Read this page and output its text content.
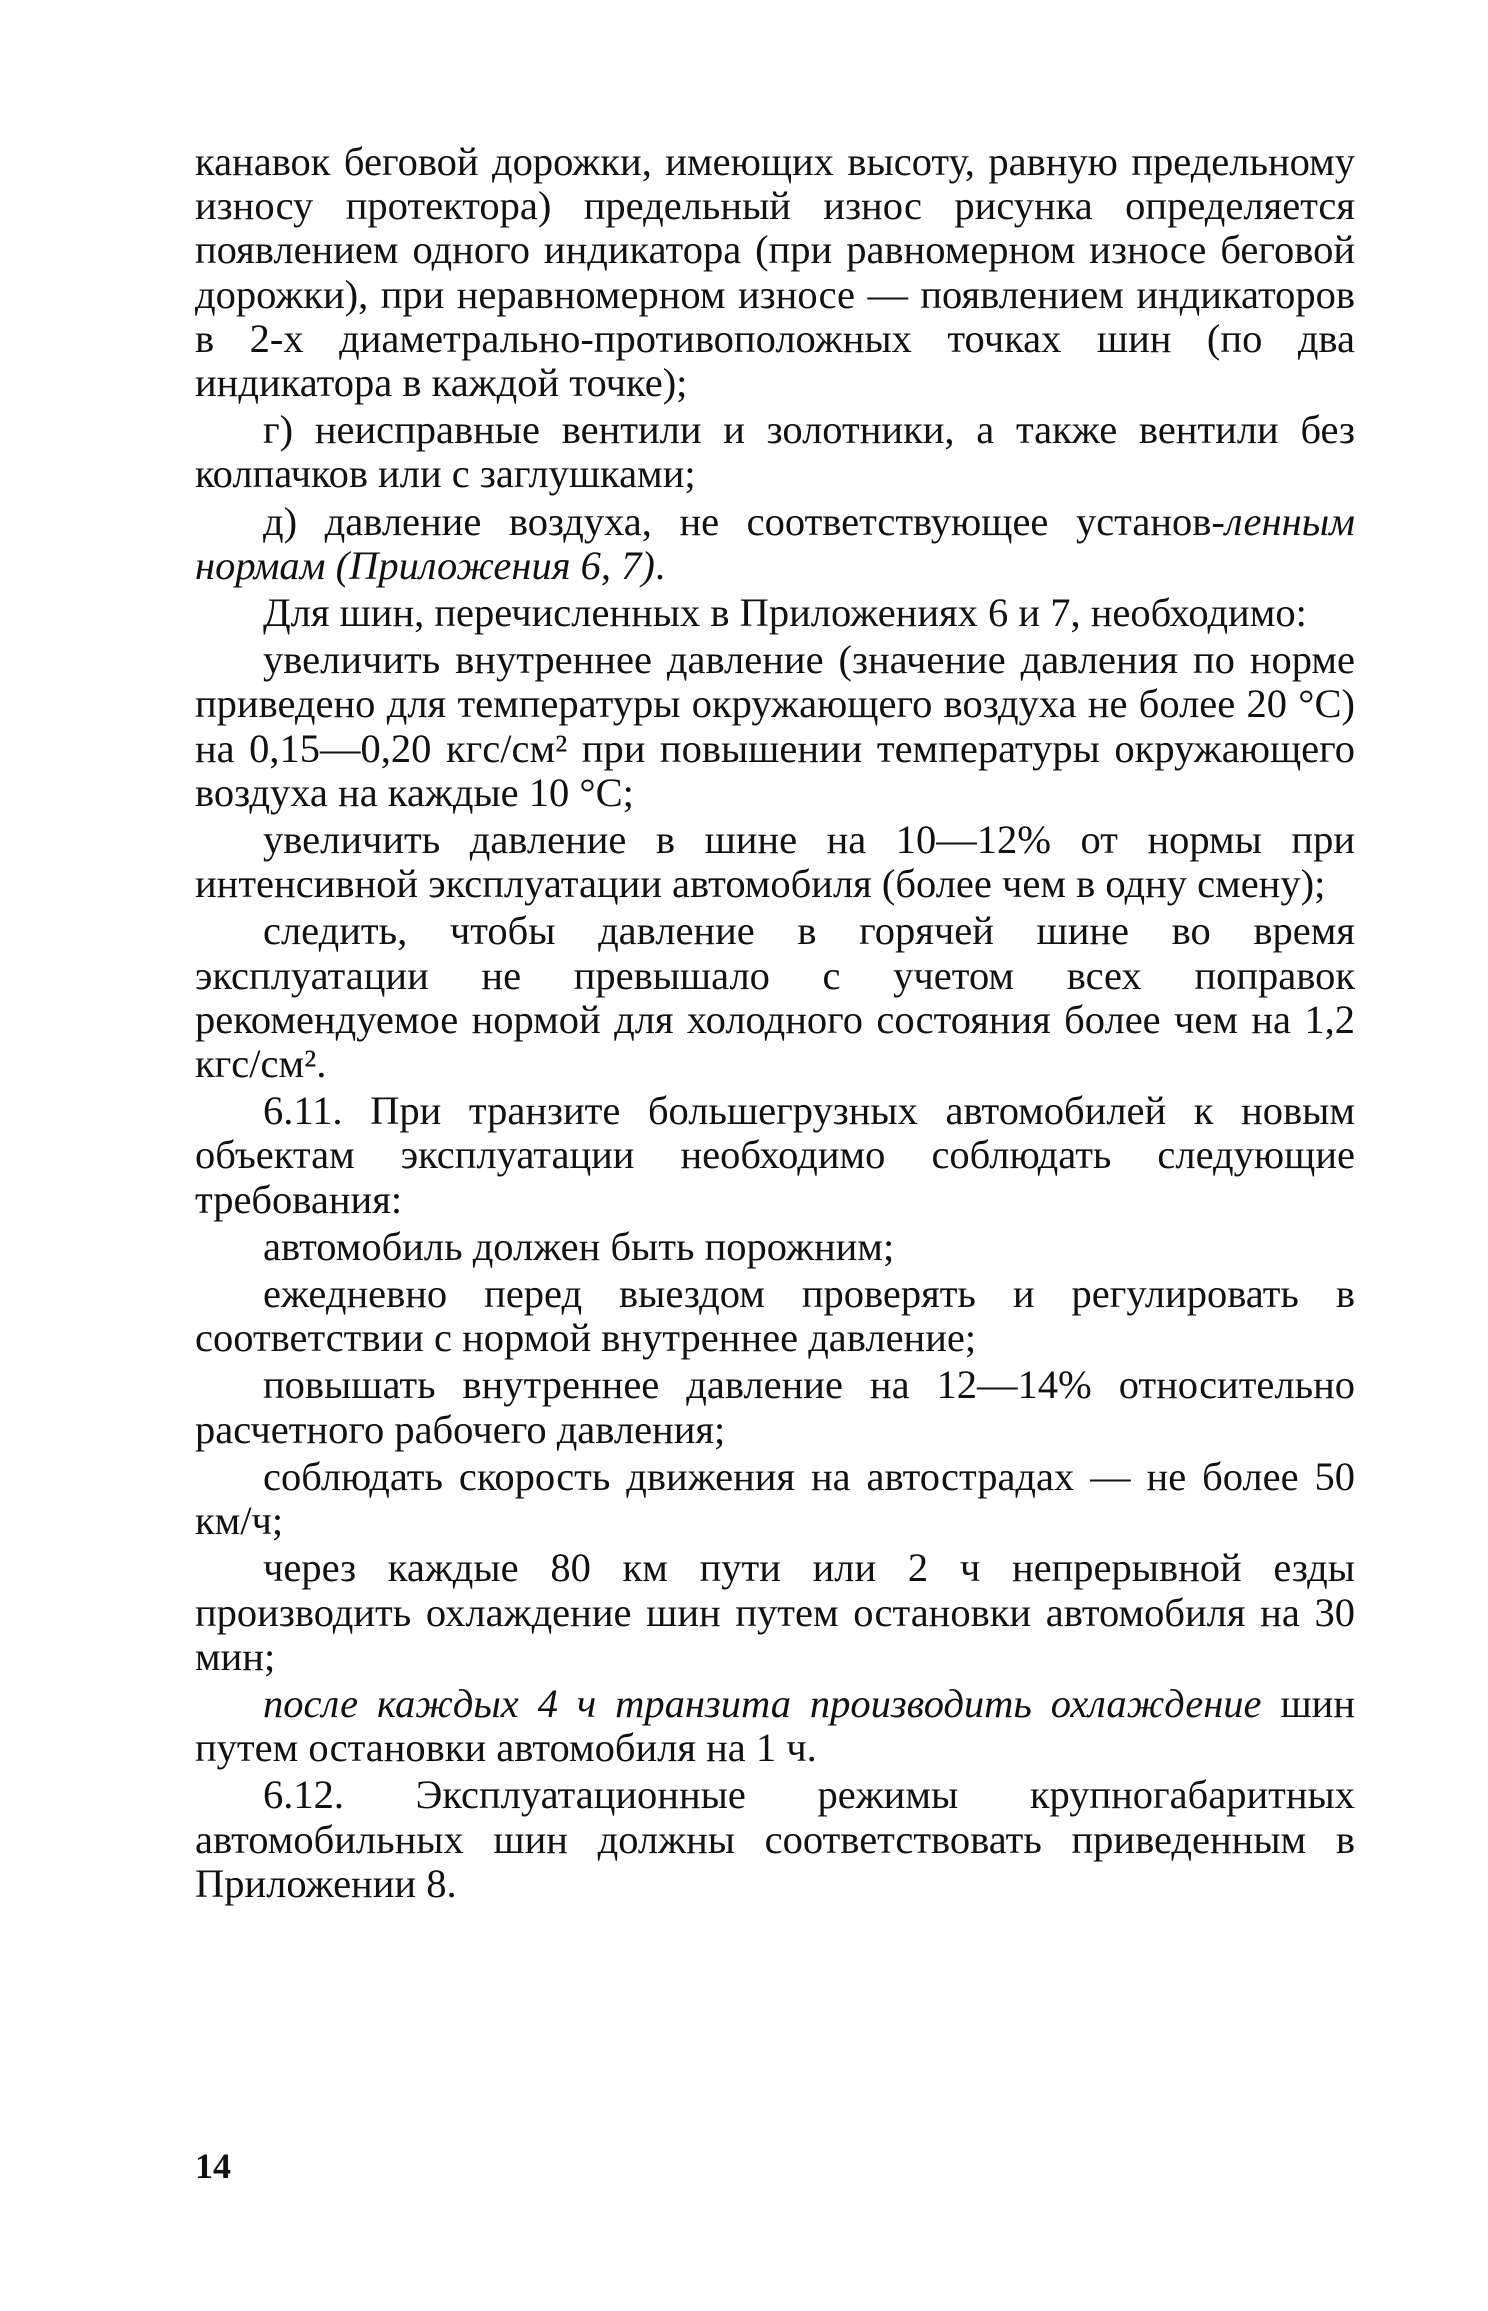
канавок беговой дорожки, имеющих высоту, равную предельному износу протектора) предельный износ рисунка определяется появлением одного индикатора (при равномерном износе беговой дорожки), при неравномерном износе — появлением индикаторов в 2-х диаметрально-противоположных точках шин (по два индикатора в каждой точке);

г) неисправные вентили и золотники, а также вентили без колпачков или с заглушками;

д) давление воздуха, не соответствующее установ-ленным нормам (Приложения 6, 7).

Для шин, перечисленных в Приложениях 6 и 7, необходимо:

увеличить внутреннее давление (значение давления по норме приведено для температуры окружающего воздуха не более 20 °С) на 0,15—0,20 кгс/см² при повышении температуры окружающего воздуха на каждые 10 °С;

увеличить давление в шине на 10—12% от нормы при интенсивной эксплуатации автомобиля (более чем в одну смену);

следить, чтобы давление в горячей шине во время эксплуатации не превышало с учетом всех поправок рекомендуемое нормой для холодного состояния более чем на 1,2 кгс/см².

6.11. При транзите большегрузных автомобилей к новым объектам эксплуатации необходимо соблюдать следующие требования:

автомобиль должен быть порожним;

ежедневно перед выездом проверять и регулировать в соответствии с нормой внутреннее давление;

повышать внутреннее давление на 12—14% относительно расчетного рабочего давления;

соблюдать скорость движения на автострадах — не более 50 км/ч;

через каждые 80 км пути или 2 ч непрерывной езды производить охлаждение шин путем остановки автомобиля на 30 мин;

после каждых 4 ч транзита производить охлаждение шин путем остановки автомобиля на 1 ч.

6.12. Эксплуатационные режимы крупногабаритных автомобильных шин должны соответствовать приведенным в Приложении 8.

14
